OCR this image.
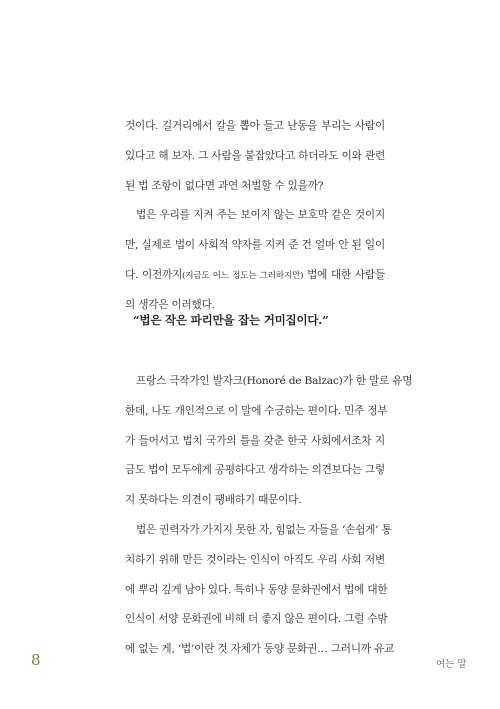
것이다. 길거리에서 칼을 뽑아 들고 난동을 부리는 사람이
있다고 해 보자. 그 사람을 붙잡았다고 하더라도 이와 관련
된 법 조항이 없다면 과연 처벌할 수 있을까?
법은 우리를 지켜 주는 보이지 않는 보호막 같은 것이지
만, 실제로 법이 사회적 약자를 지켜 준 건 얼마 안 된 일이
다. 이전까지(지금도 어느 정도는 그러하지만) 법에 대한 사람들
의 생각은 이러했다.
“법은 작은 파리만을 잡는 거미집이다.”
프랑스 극작가인 발자크(Honoré de Balzac)가 한 말로 유명
한데, 나도 개인적으로 이 말에 수긍하는 편이다. 민주 정부
가 들어서고 법치 국가의 틀을 갖춘 한국 사회에서조차 지
금도 법이 모두에게 공평하다고 생각하는 의견보다는 그렇
지 못하다는 의견이 팽배하기 때문이다.
법은 권력자가 가지지 못한 자, 힘없는 자들을 ‘손쉽게’ 통
치하기 위해 만든 것이라는 인식이 아직도 우리 사회 저변
에 뿌리 깊게 남아 있다. 특히나 동양 문화권에서 법에 대한
인식이 서양 문화권에 비해 더 좋지 않은 편이다. 그럴 수밖
에 없는 게, ‘법’이란 것 자체가 동양 문화권… 그러니까 유교
8	여는 말
